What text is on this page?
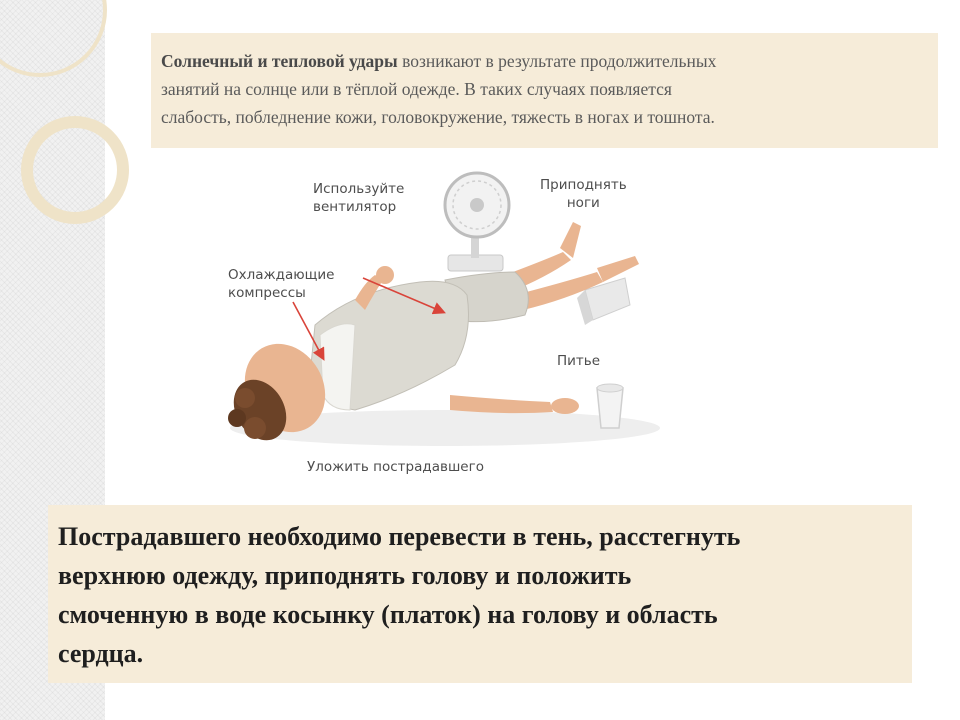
Солнечный и тепловой удары возникают в результате продолжительных
занятий на солнце или в тёплой одежде. В таких случаях появляется
слабость, побледнение кожи, головокружение, тяжесть в ногах и тошнота.
Используйте
вентилятор
Приподнять
ноги
Охлаждающие
компрессы
Питье
Уложить пострадавшего
Пострадавшего необходимо перевести в тень, расстегнуть
верхнюю одежду, приподнять голову и положить
смоченную в воде косынку (платок) на голову и область
сердца.
